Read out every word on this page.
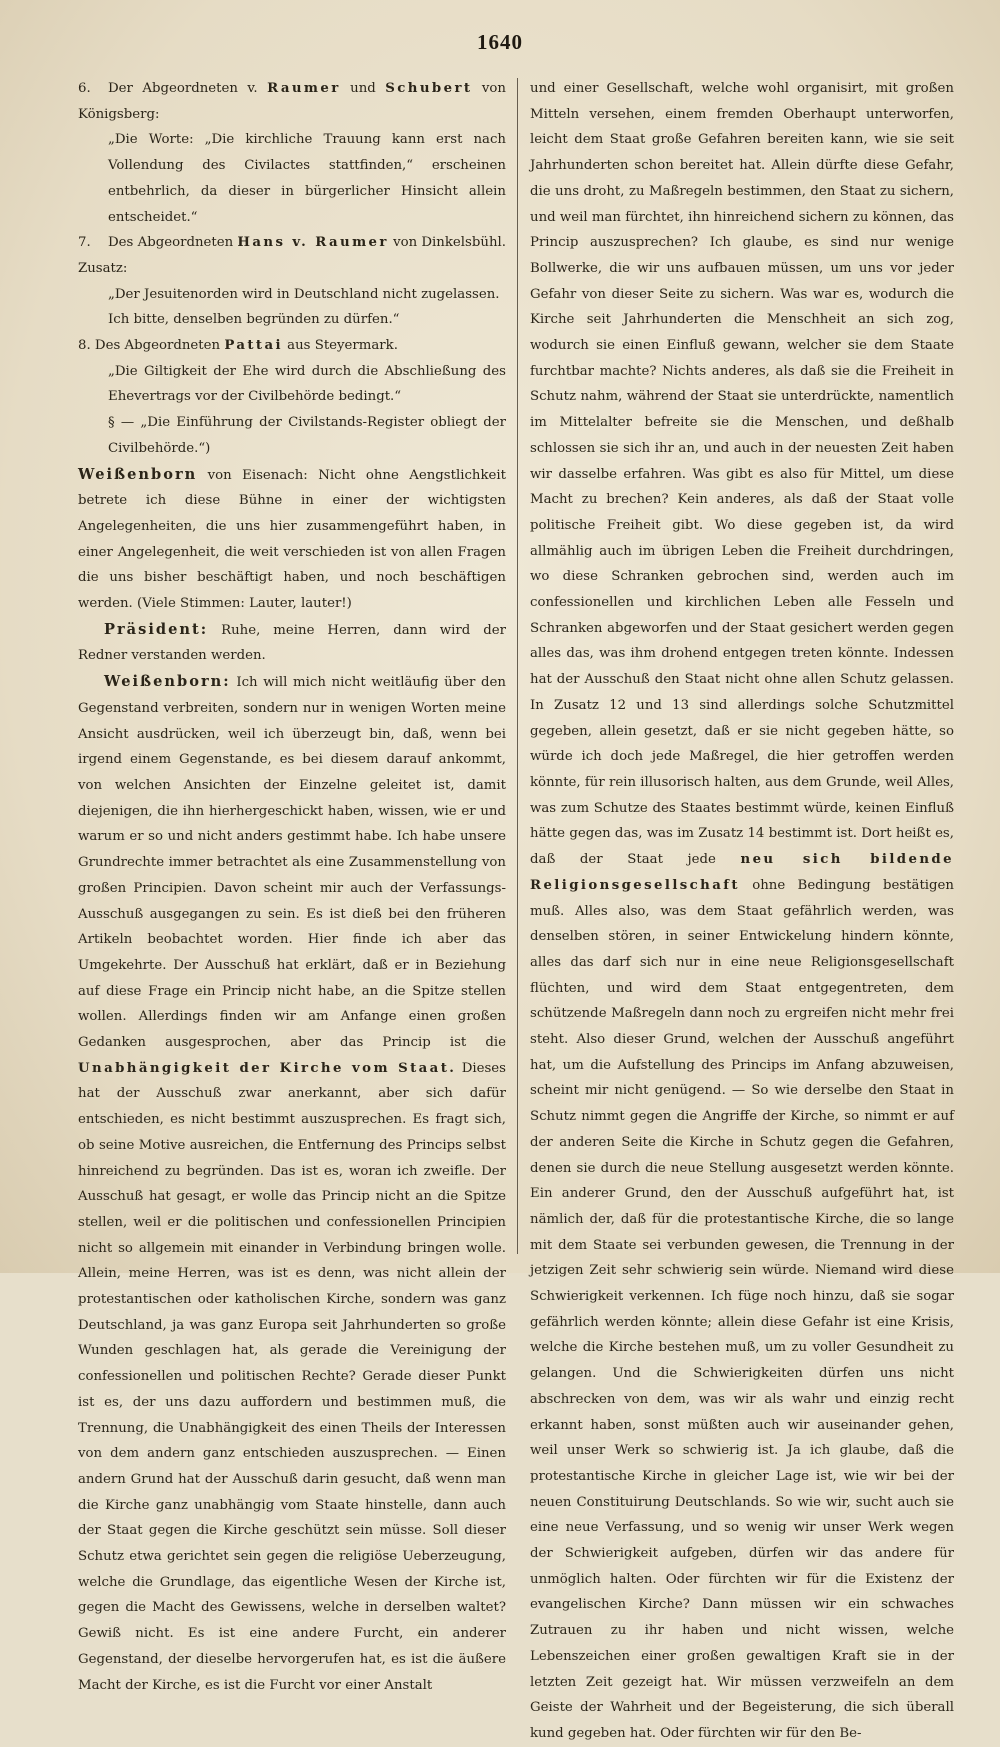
1640

6. Der Abgeordneten v. Raumer und Schubert von Königsberg:

„Die Worte: „Die kirchliche Trauung kann erst nach Vollendung des Civilactes stattfinden,“ erscheinen entbehrlich, da dieser in bürgerlicher Hinsicht allein entscheidet.“

7. Des Abgeordneten Hans v. Raumer von Dinkelsbühl. Zusatz:

„Der Jesuitenorden wird in Deutschland nicht zugelassen.

Ich bitte, denselben begründen zu dürfen.“

8. Des Abgeordneten Pattai aus Steyermark.

„Die Giltigkeit der Ehe wird durch die Abschließung des Ehevertrags vor der Civilbehörde bedingt.“

§ — „Die Einführung der Civilstands-Register obliegt der Civilbehörde.“)

Weißenborn von Eisenach: Nicht ohne Aengstlichkeit betrete ich diese Bühne in einer der wichtigsten Angelegenheiten, die uns hier zusammengeführt haben, in einer Angelegenheit, die weit verschieden ist von allen Fragen die uns bisher beschäftigt haben, und noch beschäftigen werden. (Viele Stimmen: Lauter, lauter!)

Präsident: Ruhe, meine Herren, dann wird der Redner verstanden werden.

Weißenborn: Ich will mich nicht weitläufig über den Gegenstand verbreiten, sondern nur in wenigen Worten meine Ansicht ausdrücken, weil ich überzeugt bin, daß, wenn bei irgend einem Gegenstande, es bei diesem darauf ankommt, von welchen Ansichten der Einzelne geleitet ist, damit diejenigen, die ihn hierhergeschickt haben, wissen, wie er und warum er so und nicht anders gestimmt habe. Ich habe unsere Grundrechte immer betrachtet als eine Zusammenstellung von großen Principien. Davon scheint mir auch der Verfassungs-Ausschuß ausgegangen zu sein. Es ist dieß bei den früheren Artikeln beobachtet worden. Hier finde ich aber das Umgekehrte. Der Ausschuß hat erklärt, daß er in Beziehung auf diese Frage ein Princip nicht habe, an die Spitze stellen wollen. Allerdings finden wir am Anfange einen großen Gedanken ausgesprochen, aber das Princip ist die Unabhängigkeit der Kirche vom Staat. Dieses hat der Ausschuß zwar anerkannt, aber sich dafür entschieden, es nicht bestimmt auszusprechen. Es fragt sich, ob seine Motive ausreichen, die Entfernung des Princips selbst hinreichend zu begründen. Das ist es, woran ich zweifle. Der Ausschuß hat gesagt, er wolle das Princip nicht an die Spitze stellen, weil er die politischen und confessionellen Principien nicht so allgemein mit einander in Verbindung bringen wolle. Allein, meine Herren, was ist es denn, was nicht allein der protestantischen oder katholischen Kirche, sondern was ganz Deutschland, ja was ganz Europa seit Jahrhunderten so große Wunden geschlagen hat, als gerade die Vereinigung der confessionellen und politischen Rechte? Gerade dieser Punkt ist es, der uns dazu auffordern und bestimmen muß, die Trennung, die Unabhängigkeit des einen Theils der Interessen von dem andern ganz entschieden auszusprechen. — Einen andern Grund hat der Ausschuß darin gesucht, daß wenn man die Kirche ganz unabhängig vom Staate hinstelle, dann auch der Staat gegen die Kirche geschützt sein müsse. Soll dieser Schutz etwa gerichtet sein gegen die religiöse Ueberzeugung, welche die Grundlage, das eigentliche Wesen der Kirche ist, gegen die Macht des Gewissens, welche in derselben waltet? Gewiß nicht. Es ist eine andere Furcht, ein anderer Gegenstand, der dieselbe hervorgerufen hat, es ist die äußere Macht der Kirche, es ist die Furcht vor einer Anstalt

und einer Gesellschaft, welche wohl organisirt, mit großen Mitteln versehen, einem fremden Oberhaupt unterworfen, leicht dem Staat große Gefahren bereiten kann, wie sie seit Jahrhunderten schon bereitet hat. Allein dürfte diese Gefahr, die uns droht, zu Maßregeln bestimmen, den Staat zu sichern, und weil man fürchtet, ihn hinreichend sichern zu können, das Princip auszusprechen? Ich glaube, es sind nur wenige Bollwerke, die wir uns aufbauen müssen, um uns vor jeder Gefahr von dieser Seite zu sichern. Was war es, wodurch die Kirche seit Jahrhunderten die Menschheit an sich zog, wodurch sie einen Einfluß gewann, welcher sie dem Staate furchtbar machte? Nichts anderes, als daß sie die Freiheit in Schutz nahm, während der Staat sie unterdrückte, namentlich im Mittelalter befreite sie die Menschen, und deßhalb schlossen sie sich ihr an, und auch in der neuesten Zeit haben wir dasselbe erfahren. Was gibt es also für Mittel, um diese Macht zu brechen? Kein anderes, als daß der Staat volle politische Freiheit gibt. Wo diese gegeben ist, da wird allmählig auch im übrigen Leben die Freiheit durchdringen, wo diese Schranken gebrochen sind, werden auch im confessionellen und kirchlichen Leben alle Fesseln und Schranken abgeworfen und der Staat gesichert werden gegen alles das, was ihm drohend entgegen treten könnte. Indessen hat der Ausschuß den Staat nicht ohne allen Schutz gelassen. In Zusatz 12 und 13 sind allerdings solche Schutzmittel gegeben, allein gesetzt, daß er sie nicht gegeben hätte, so würde ich doch jede Maßregel, die hier getroffen werden könnte, für rein illusorisch halten, aus dem Grunde, weil Alles, was zum Schutze des Staates bestimmt würde, keinen Einfluß hätte gegen das, was im Zusatz 14 bestimmt ist. Dort heißt es, daß der Staat jede neu sich bildende Religionsgesellschaft ohne Bedingung bestätigen muß. Alles also, was dem Staat gefährlich werden, was denselben stören, in seiner Entwickelung hindern könnte, alles das darf sich nur in eine neue Religionsgesellschaft flüchten, und wird dem Staat entgegentreten, dem schützende Maßregeln dann noch zu ergreifen nicht mehr frei steht. Also dieser Grund, welchen der Ausschuß angeführt hat, um die Aufstellung des Princips im Anfang abzuweisen, scheint mir nicht genügend. — So wie derselbe den Staat in Schutz nimmt gegen die Angriffe der Kirche, so nimmt er auf der anderen Seite die Kirche in Schutz gegen die Gefahren, denen sie durch die neue Stellung ausgesetzt werden könnte. Ein anderer Grund, den der Ausschuß aufgeführt hat, ist nämlich der, daß für die protestantische Kirche, die so lange mit dem Staate sei verbunden gewesen, die Trennung in der jetzigen Zeit sehr schwierig sein würde. Niemand wird diese Schwierigkeit verkennen. Ich füge noch hinzu, daß sie sogar gefährlich werden könnte; allein diese Gefahr ist eine Krisis, welche die Kirche bestehen muß, um zu voller Gesundheit zu gelangen. Und die Schwierigkeiten dürfen uns nicht abschrecken von dem, was wir als wahr und einzig recht erkannt haben, sonst müßten auch wir auseinander gehen, weil unser Werk so schwierig ist. Ja ich glaube, daß die protestantische Kirche in gleicher Lage ist, wie wir bei der neuen Constituirung Deutschlands. So wie wir, sucht auch sie eine neue Verfassung, und so wenig wir unser Werk wegen der Schwierigkeit aufgeben, dürfen wir das andere für unmöglich halten. Oder fürchten wir für die Existenz der evangelischen Kirche? Dann müssen wir ein schwaches Zutrauen zu ihr haben und nicht wissen, welche Lebenszeichen einer großen gewaltigen Kraft sie in der letzten Zeit gezeigt hat. Wir müssen verzweifeln an dem Geiste der Wahrheit und der Begeisterung, die sich überall kund gegeben hat. Oder fürchten wir für den Be-
